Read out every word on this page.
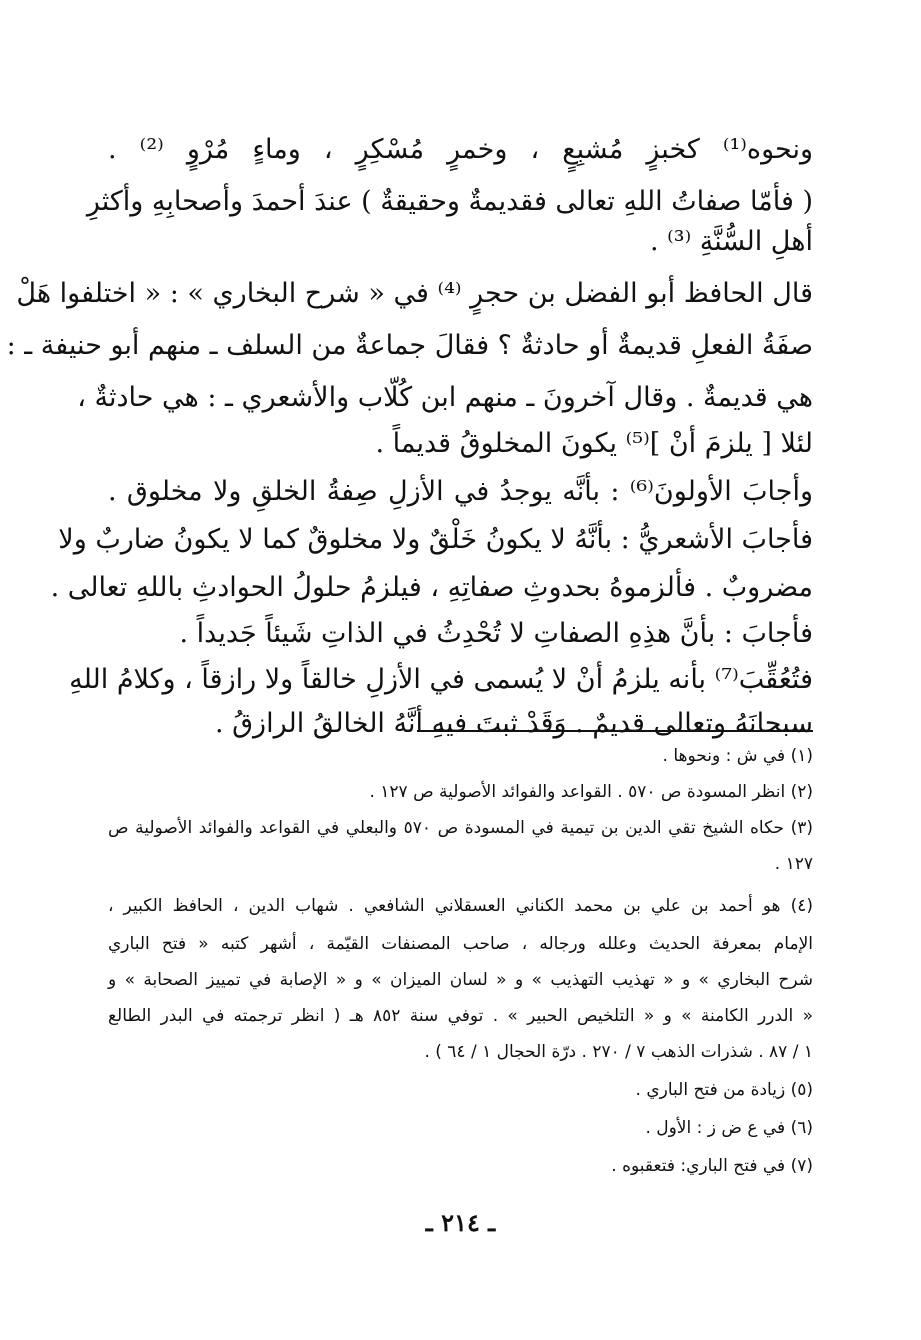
ونحوه⁽¹⁾ كخبزٍ مُشبِعٍ ، وخمرٍ مُسْكِرٍ ، وماءٍ مُرْوٍ ⁽²⁾ .
( فأمّا صفاتُ اللهِ تعالى فقديمةٌ وحقيقةٌ ) عندَ أحمدَ وأصحابِهِ وأكثرِ
أهلِ السُّنَّةِ ⁽³⁾ .
قال الحافظ أبو الفضل بن حجرٍ ⁽⁴⁾ في « شرح البخاري » : « اختلفوا هَلْ
صفَةُ الفعلِ قديمةٌ أو حادثةٌ ؟ فقالَ جماعةٌ من السلف ـ منهم أبو حنيفة ـ :
هي قديمةٌ . وقال آخرونَ ـ منهم ابن كُلّاب والأشعري ـ : هي حادثةٌ ،
لئلا [ يلزمَ أنْ ]⁽⁵⁾ يكونَ المخلوقُ قديماً .
وأجابَ الأولونَ⁽⁶⁾ : بأنَّه يوجدُ في الأزلِ صِفةُ الخلقِ ولا مخلوق .
فأجابَ الأشعريُّ : بأنَّهُ لا يكونُ خَلْقٌ ولا مخلوقٌ كما لا يكونُ ضاربٌ ولا
مضروبٌ . فألزموهُ بحدوثِ صفاتِهِ ، فيلزمُ حلولُ الحوادثِ باللهِ تعالى .
فأجابَ : بأنَّ هذِهِ الصفاتِ لا تُحْدِثُ في الذاتِ شَيئاً جَديداً .
فتُعُقِّبَ⁽⁷⁾ بأنه يلزمُ أنْ لا يُسمى في الأزلِ خالقاً ولا رازقاً ، وكلامُ اللهِ
سبحانَهُ وتعالى قديمٌ . وَقَدْ ثبتَ فيهِ أنَّهُ الخالقُ الرازقُ .
(١) في ش : ونحوها .
(٢) انظر المسودة ص ٥٧٠ . القواعد والفوائد الأصولية ص ١٢٧ .
(٣) حكاه الشيخ تقي الدين بن تيمية في المسودة ص ٥٧٠ والبعلي في القواعد والفوائد الأصولية ص
١٢٧ .
(٤) هو أحمد بن علي بن محمد الكناني العسقلاني الشافعي . شهاب الدين ، الحافظ الكبير ،
الإمام بمعرفة الحديث وعلله ورجاله ، صاحب المصنفات القيّمة ، أشهر كتبه « فتح الباري
شرح البخاري » و « تهذيب التهذيب » و « لسان الميزان » و « الإصابة في تمييز الصحابة » و
« الدرر الكامنة » و « التلخيص الحبير » . توفي سنة ٨٥٢ هـ ( انظر ترجمته في البدر الطالع
١ / ٨٧ . شذرات الذهب ٧ / ٢٧٠ . درّة الحجال ١ / ٦٤ ) .
(٥) زيادة من فتح الباري .
(٦) في ع ض ز : الأول .
(٧) في فتح الباري: فتعقبوه .
ـ ٢١٤ ـ
